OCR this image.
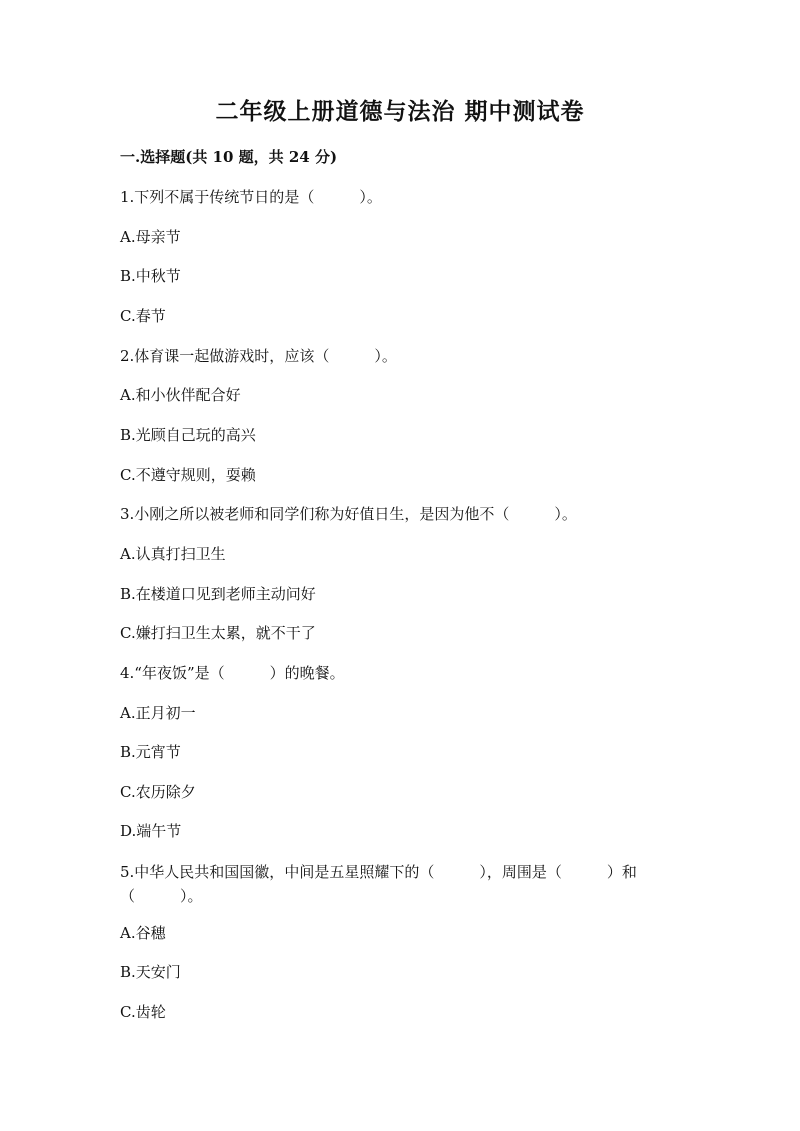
二年级上册道德与法治 期中测试卷
一.选择题(共 10 题，共 24 分)
1.下列不属于传统节日的是（　　　）。
A.母亲节
B.中秋节
C.春节
2.体育课一起做游戏时，应该（　　　）。
A.和小伙伴配合好
B.光顾自己玩的高兴
C.不遵守规则，耍赖
3.小刚之所以被老师和同学们称为好值日生，是因为他不（　　　）。
A.认真打扫卫生
B.在楼道口见到老师主动问好
C.嫌打扫卫生太累，就不干了
4.“年夜饭”是（　　　）的晚餐。
A.正月初一
B.元宵节
C.农历除夕
D.端午节
5.中华人民共和国国徽，中间是五星照耀下的（　　　），周围是（　　　）和（　　　）。
A.谷穗
B.天安门
C.齿轮
